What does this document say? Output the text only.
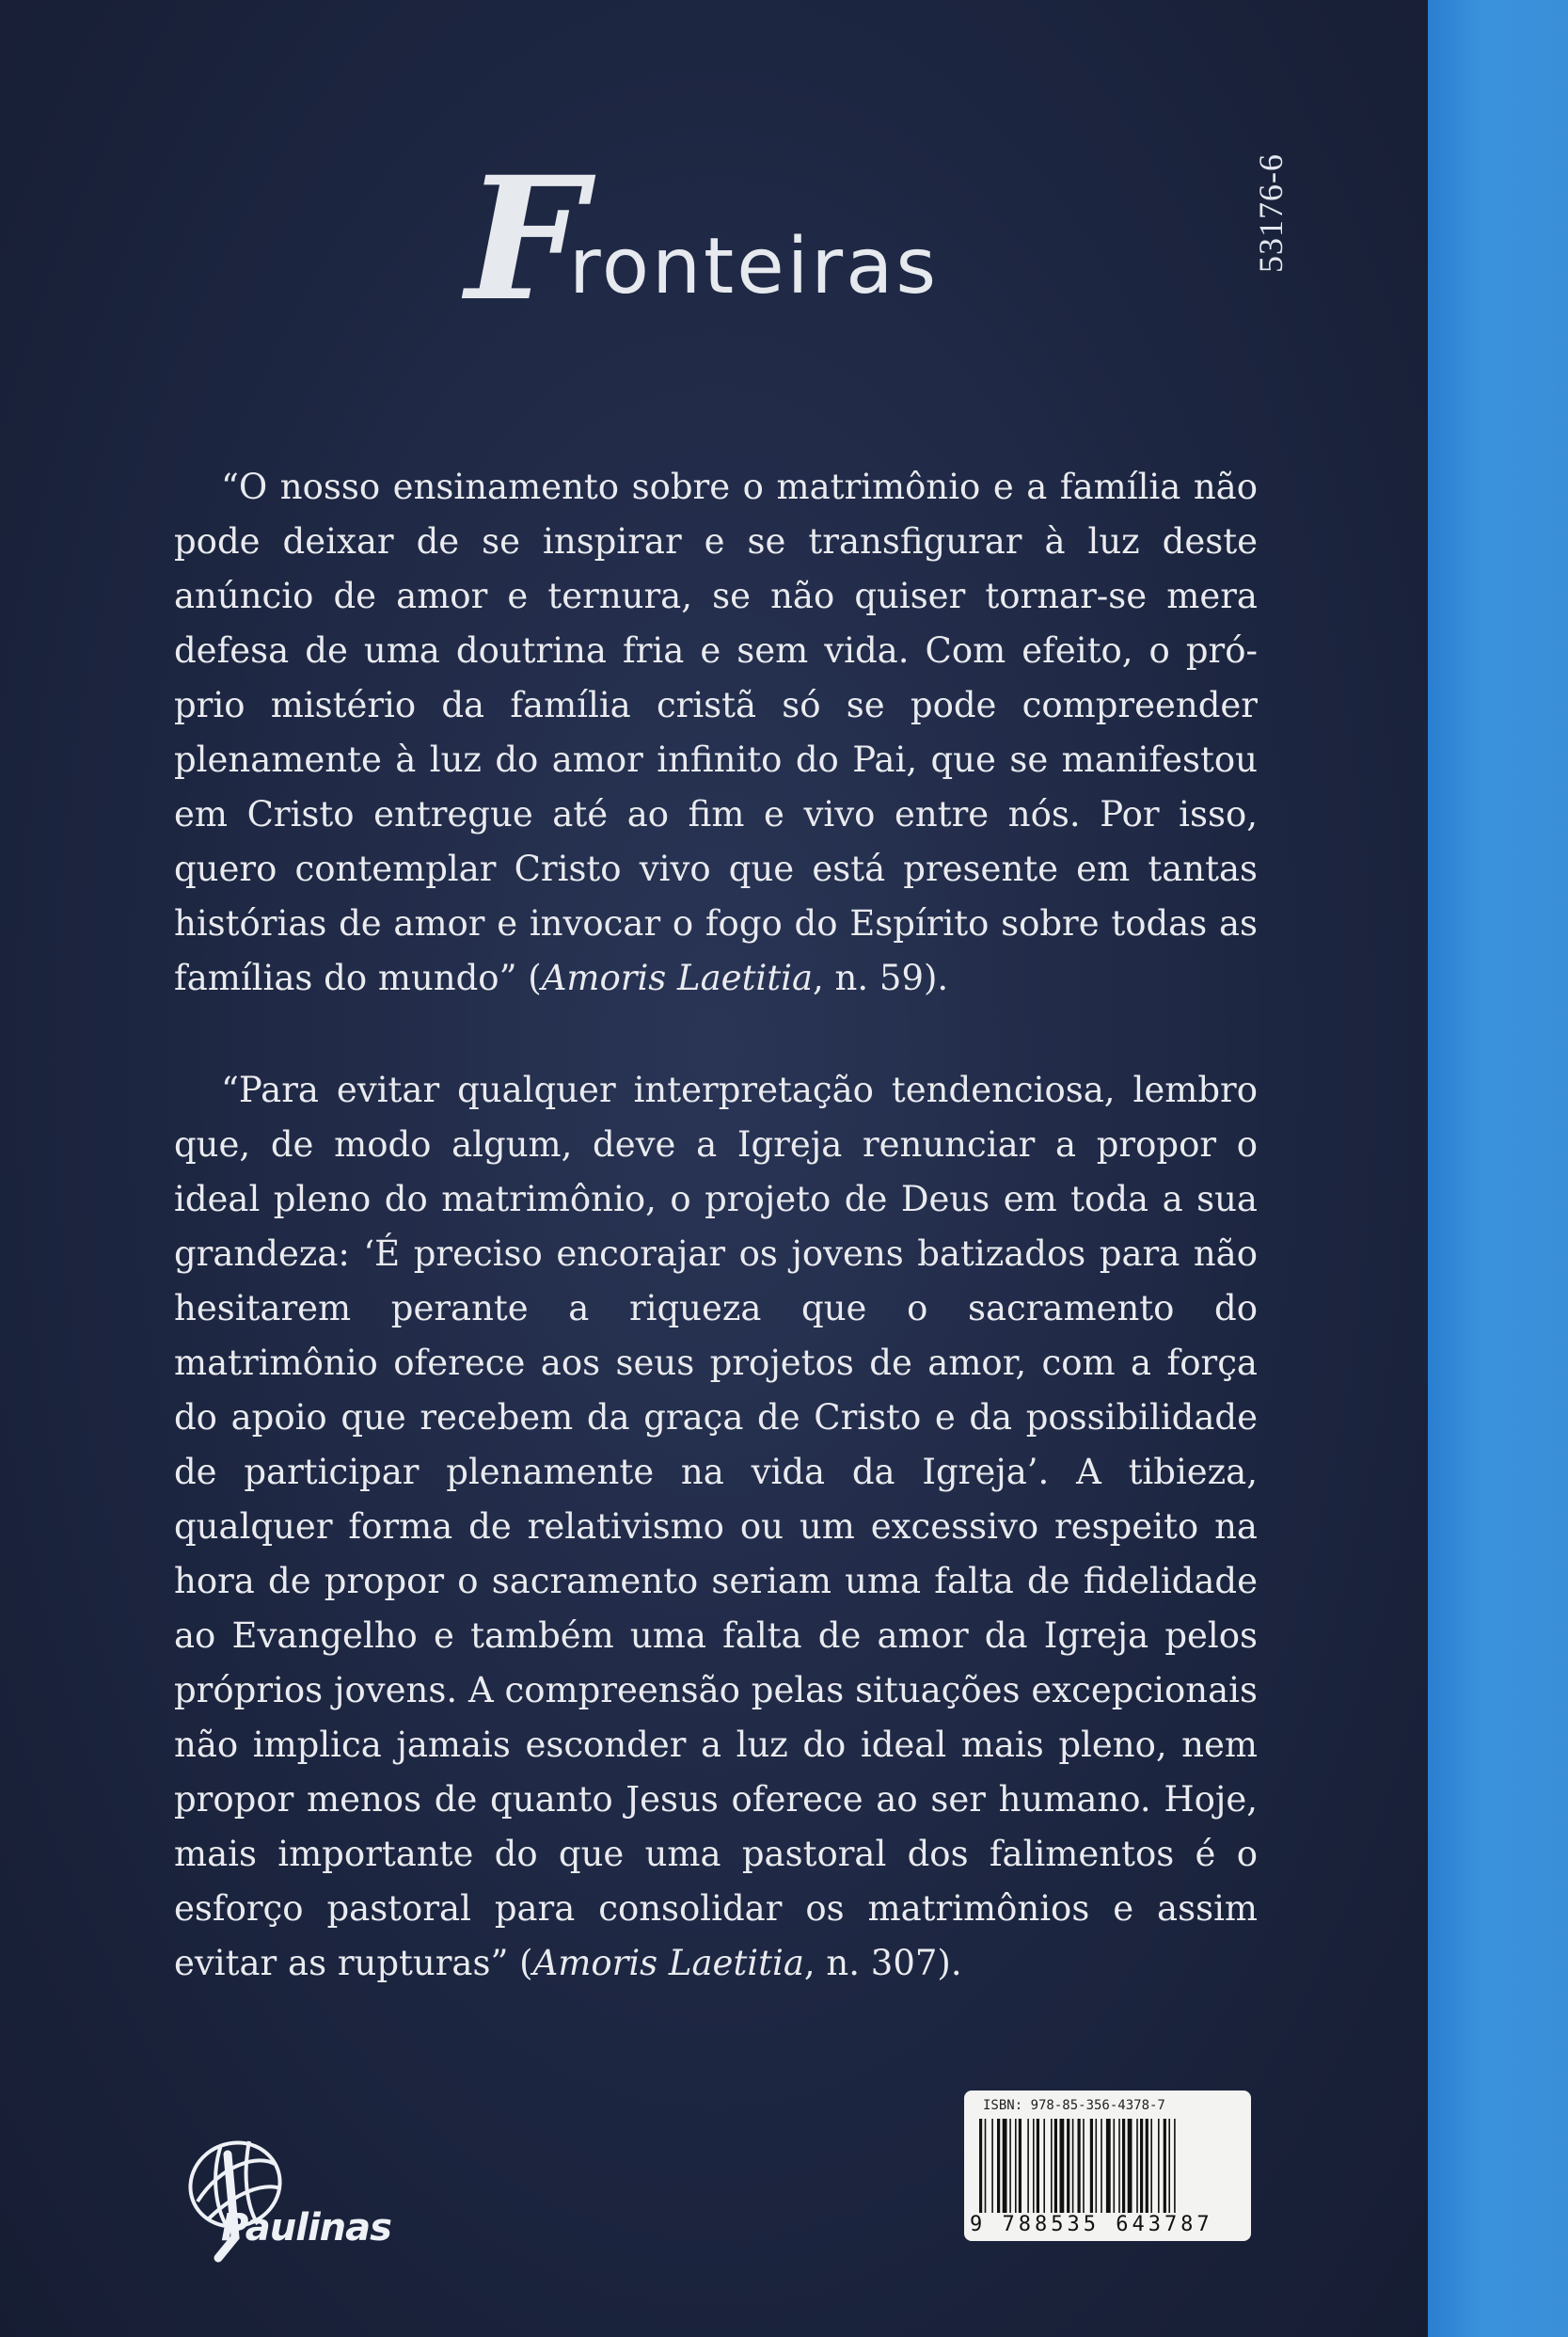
F
ronteiras	53176-6

“O nosso ensinamento sobre o matrimônio e a família não pode deixar de se inspirar e se transfigurar à luz deste anúncio de amor e ternura, se não quiser tornar-se mera defesa de uma doutrina fria e sem vida. Com efeito, o próprio mistério da família cristã só se pode compreender plenamente à luz do amor infinito do Pai, que se manifestou em Cristo entregue até ao fim e vivo entre nós. Por isso, quero contemplar Cristo vivo que está presente em tantas histórias de amor e invocar o fogo do Espírito sobre todas as famílias do mundo” (Amoris Laetitia, n. 59).

“Para evitar qualquer interpretação tendenciosa, lembro que, de modo algum, deve a Igreja renunciar a propor o ideal pleno do matrimônio, o projeto de Deus em toda a sua grandeza: ‘É preciso encorajar os jovens batizados para não hesitarem perante a riqueza que o sacramento do matrimônio oferece aos seus projetos de amor, com a força do apoio que recebem da graça de Cristo e da possibilidade de participar plenamente na vida da Igreja’. A tibieza, qualquer forma de relativismo ou um excessivo respeito na hora de propor o sacramento seriam uma falta de fidelidade ao Evangelho e também uma falta de amor da Igreja pelos próprios jovens. A compreensão pelas situações excepcionais não implica jamais esconder a luz do ideal mais pleno, nem propor menos de quanto Jesus oferece ao ser humano. Hoje, mais importante do que uma pastoral dos falimentos é o esforço pastoral para consolidar os matrimônios e assim evitar as rupturas” (Amoris Laetitia, n. 307).

Paulinas
ISBN: 978-85-356-4378-7
9 788535 643787
